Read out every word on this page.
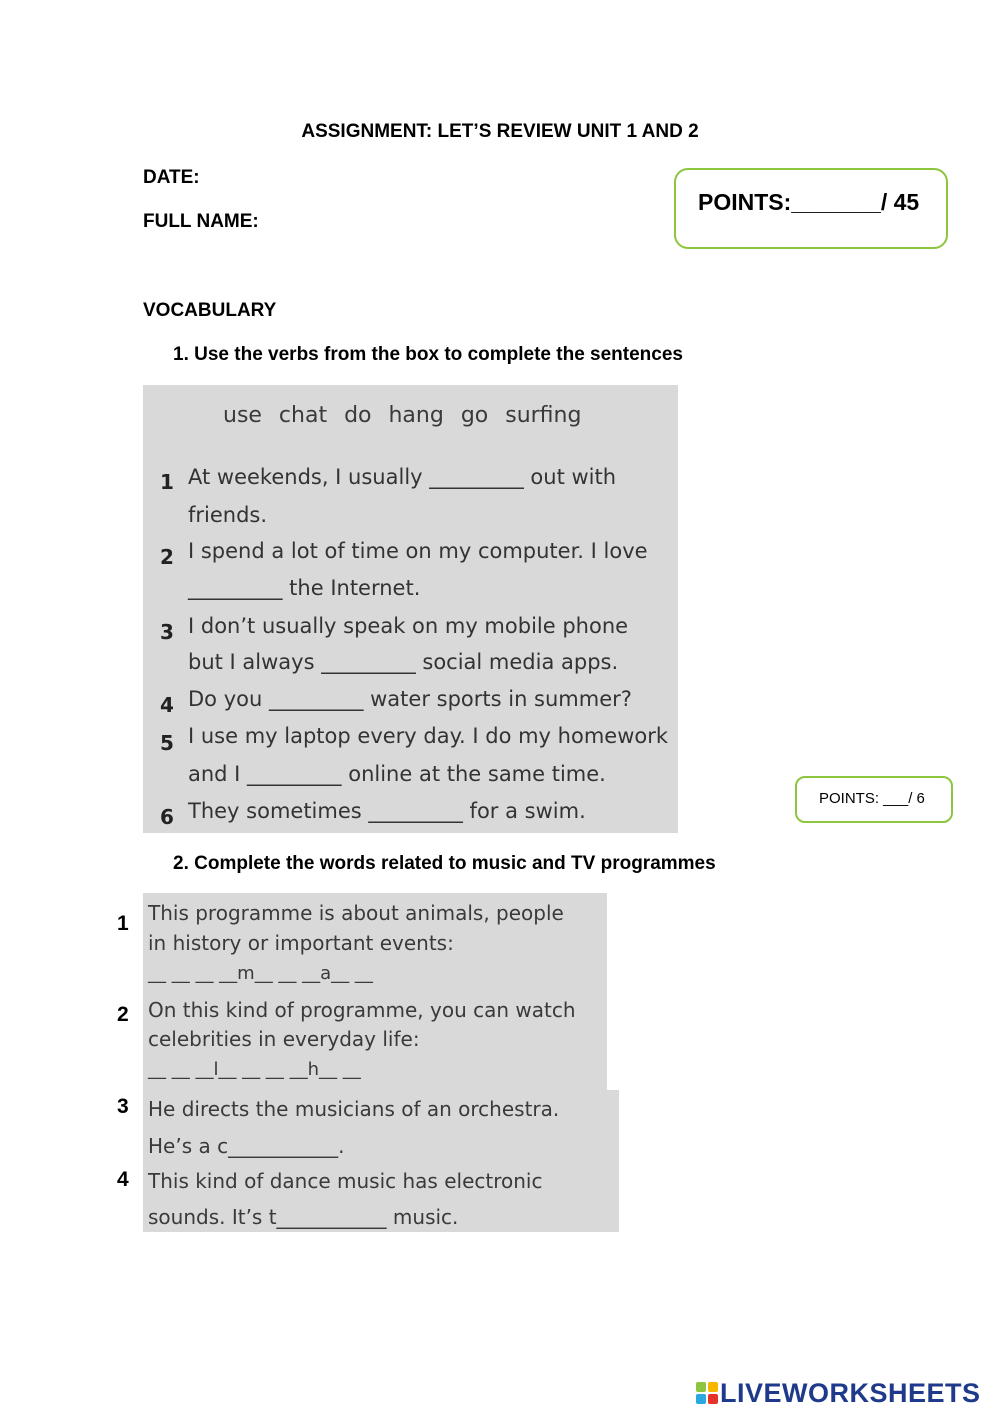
ASSIGNMENT: LET’S REVIEW UNIT 1 AND 2
DATE:
FULL NAME:
POINTS:_______/ 45
VOCABULARY
1. Use the verbs from the box to complete the sentences
use chat do hang go surfing
1 At weekends, I usually _________ out with
friends.
2 I spend a lot of time on my computer. I love
_________ the Internet.
3 I don’t usually speak on my mobile phone
but I always _________ social media apps.
4 Do you _________ water sports in summer?
5 I use my laptop every day. I do my homework
and I _________ online at the same time.
6 They sometimes _________ for a swim.
POINTS: ___/ 6
2. Complete the words related to music and TV programmes
1
2
3
4
This programme is about animals, people
in history or important events:
__ __ __ __m__ __ __a__ __
On this kind of programme, you can watch
celebrities in everyday life:
__ __ __l__ __ __ __h__ __
He directs the musicians of an orchestra.
He’s a c___________.
This kind of dance music has electronic
sounds. It’s t___________ music.
LIVEWORKSHEETS
